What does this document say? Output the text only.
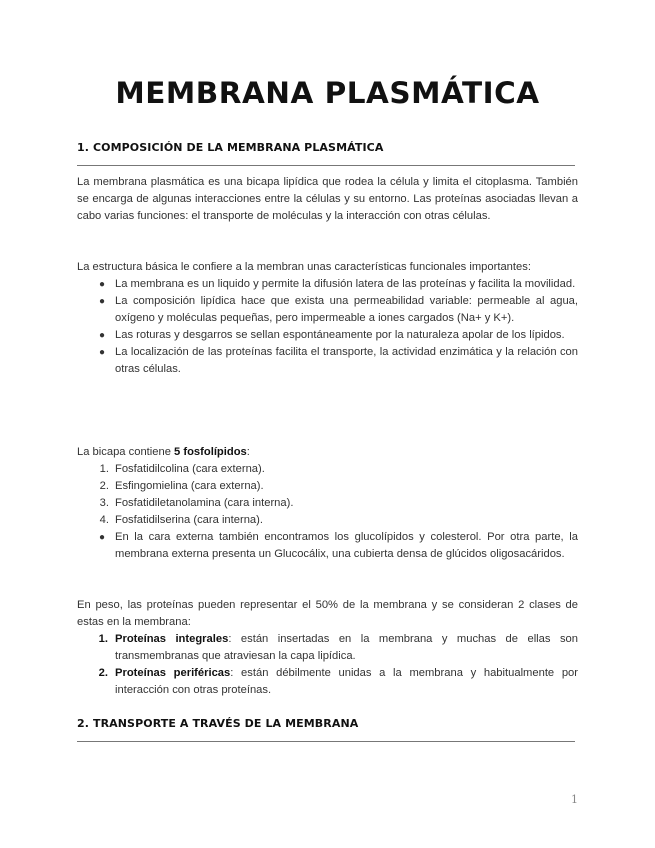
MEMBRANA PLASMÁTICA
1. COMPOSICIÓN DE LA MEMBRANA PLASMÁTICA

La membrana plasmática es una bicapa lipídica que rodea la célula y limita el citoplasma. También se encarga de algunas interacciones entre la células y su entorno. Las proteínas asociadas llevan a cabo varias funciones: el transporte de moléculas y la interacción con otras células.

La estructura básica le confiere a la membran unas características funcionales importantes:
● La membrana es un liquido y permite la difusión latera de las proteínas y facilita la movilidad.
● La composición lipídica hace que exista una permeabilidad variable: permeable al agua, oxígeno y moléculas pequeñas, pero impermeable a iones cargados (Na+ y K+).
● Las roturas y desgarros se sellan espontáneamente por la naturaleza apolar de los lípidos.
● La localización de las proteínas facilita el transporte, la actividad enzimática y la relación con otras células.
La bicapa contiene 5 fosfolípidos:
1. Fosfatidilcolina (cara externa).
2. Esfingomielina (cara externa).
3. Fosfatidiletanolamina (cara interna).
4. Fosfatidilserina (cara interna).
● En la cara externa también encontramos los glucolípidos y colesterol. Por otra parte, la membrana externa presenta un Glucocálix, una cubierta densa de glúcidos oligosacáridos.
En peso, las proteínas pueden representar el 50% de la membrana y se consideran 2 clases de estas en la membrana:
1. Proteínas integrales: están insertadas en la membrana y muchas de ellas son transmembranas que atraviesan la capa lipídica.
2. Proteínas periféricas: están débilmente unidas a la membrana y habitualmente por interacción con otras proteínas.
2. TRANSPORTE A TRAVÉS DE LA MEMBRANA
1
